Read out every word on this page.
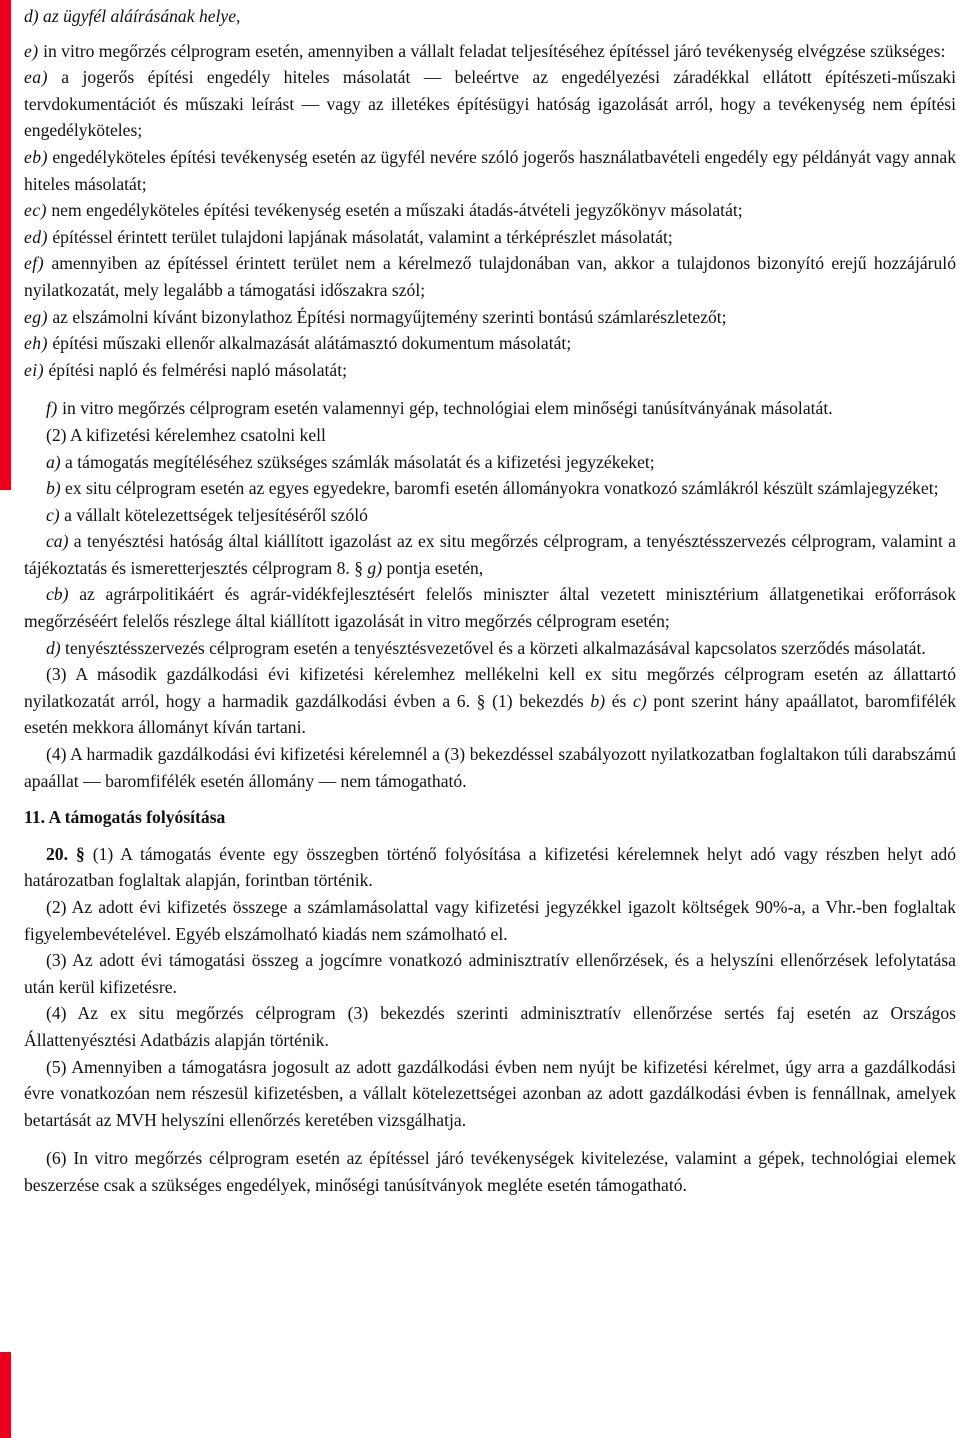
d) az ügyfél aláírásának helye,

e) in vitro megőrzés célprogram esetén, amennyiben a vállalt feladat teljesítéséhez építéssel járó tevékenység elvégzése szükséges:

ea) a jogerős építési engedély hiteles másolatát — beleértve az engedélyezési záradékkal ellátott építészeti-műszaki tervdokumentációt és műszaki leírást — vagy az illetékes építésügyi hatóság igazolását arról, hogy a tevékenység nem építési engedélyköteles;

eb) engedélyköteles építési tevékenység esetén az ügyfél nevére szóló jogerős használatbavételi engedély egy példányát vagy annak hiteles másolatát;

ec) nem engedélyköteles építési tevékenység esetén a műszaki átadás-átvételi jegyzőkönyv másolatát;

ed) építéssel érintett terület tulajdoni lapjának másolatát, valamint a térképrészlet másolatát;

ef) amennyiben az építéssel érintett terület nem a kérelmező tulajdonában van, akkor a tulajdonos bizonyító erejű hozzájáruló nyilatkozatát, mely legalább a támogatási időszakra szól;

eg) az elszámolni kívánt bizonylathoz Építési normagyűjtemény szerinti bontású számlarészletezőt;

eh) építési műszaki ellenőr alkalmazását alátámasztó dokumentum másolatát;

ei) építési napló és felmérési napló másolatát;

f) in vitro megőrzés célprogram esetén valamennyi gép, technológiai elem minőségi tanúsítványának másolatát.

(2) A kifizetési kérelemhez csatolni kell

a) a támogatás megítéléséhez szükséges számlák másolatát és a kifizetési jegyzékeket;

b) ex situ célprogram esetén az egyes egyedekre, baromfi esetén állományokra vonatkozó számlákról készült számlajegyzéket;

c) a vállalt kötelezettségek teljesítéséről szóló

ca) a tenyésztési hatóság által kiállított igazolást az ex situ megőrzés célprogram, a tenyésztésszervezés célprogram, valamint a tájékoztatás és ismeretterjesztés célprogram 8. § g) pontja esetén,

cb) az agrárpolitikáért és agrár-vidékfejlesztésért felelős miniszter által vezetett minisztérium állatgenetikai erőforrások megőrzéséért felelős részlege által kiállított igazolását in vitro megőrzés célprogram esetén;

d) tenyésztésszervezés célprogram esetén a tenyésztésvezetővel és a körzeti alkalmazásával kapcsolatos szerződés másolatát.

(3) A második gazdálkodási évi kifizetési kérelemhez mellékelni kell ex situ megőrzés célprogram esetén az állattartó nyilatkozatát arról, hogy a harmadik gazdálkodási évben a 6. § (1) bekezdés b) és c) pont szerint hány apaállatot, baromfifélék esetén mekkora állományt kíván tartani.

(4) A harmadik gazdálkodási évi kifizetési kérelemnél a (3) bekezdéssel szabályozott nyilatkozatban foglaltakon túli darabszámú apaállat — baromfifélék esetén állomány — nem támogatható.

11. A támogatás folyósítása

20. § (1) A támogatás évente egy összegben történő folyósítása a kifizetési kérelemnek helyt adó vagy részben helyt adó határozatban foglaltak alapján, forintban történik.

(2) Az adott évi kifizetés összege a számlamásolattal vagy kifizetési jegyzékkel igazolt költségek 90%-a, a Vhr.-ben foglaltak figyelembevételével. Egyéb elszámolható kiadás nem számolható el.

(3) Az adott évi támogatási összeg a jogcímre vonatkozó adminisztratív ellenőrzések, és a helyszíni ellenőrzések lefolytatása után kerül kifizetésre.

(4) Az ex situ megőrzés célprogram (3) bekezdés szerinti adminisztratív ellenőrzése sertés faj esetén az Országos Állattenyésztési Adatbázis alapján történik.

(5) Amennyiben a támogatásra jogosult az adott gazdálkodási évben nem nyújt be kifizetési kérelmet, úgy arra a gazdálkodási évre vonatkozóan nem részesül kifizetésben, a vállalt kötelezettségei azonban az adott gazdálkodási évben is fennállnak, amelyek betartását az MVH helyszíni ellenőrzés keretében vizsgálhatja.

(6) In vitro megőrzés célprogram esetén az építéssel járó tevékenységek kivitelezése, valamint a gépek, technológiai elemek beszerzése csak a szükséges engedélyek, minőségi tanúsítványok megléte esetén támogatható.
